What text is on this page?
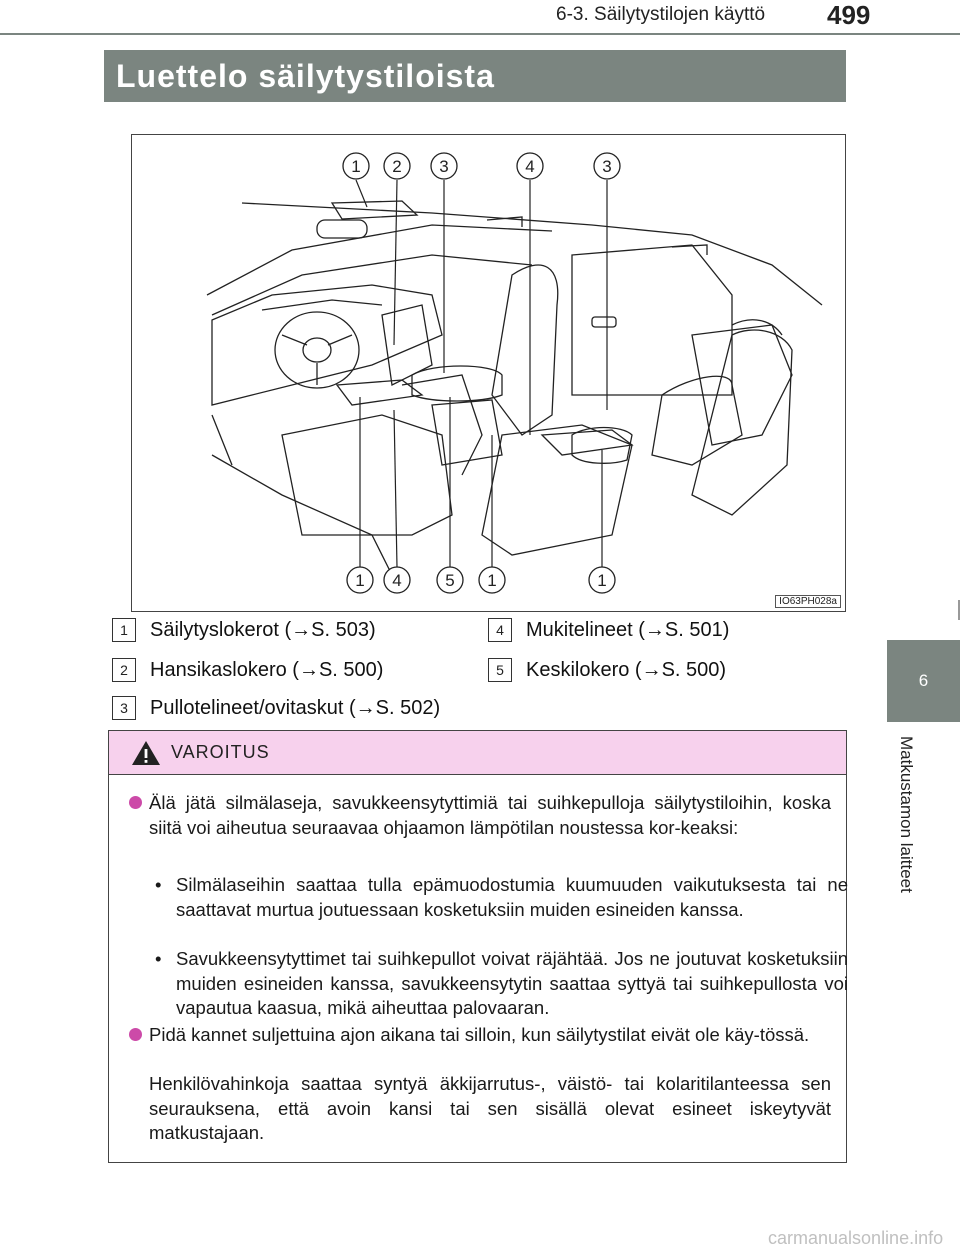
6-3. Säilytystilojen käyttö 499
Luettelo säilytystiloista
1 2 3	4	3
1 4	5 1	1
IO63PH028a
1	Säilytyslokerot (→S. 503)
2	Hansikaslokero (→S. 500)
3	Pullotelineet/ovitaskut (→S. 502)
4	Mukitelineet (→S. 501)
5	Keskilokero (→S. 500)
VAROITUS
Älä jätä silmälaseja, savukkeensytyttimiä tai suihkepulloja säilytystiloihin, koska siitä voi aiheutua seuraavaa ohjaamon lämpötilan noustessa kor-keaksi:
• Silmälaseihin saattaa tulla epämuodostumia kuumuuden vaikutuksesta tai ne saattavat murtua joutuessaan kosketuksiin muiden esineiden kanssa.
• Savukkeensytyttimet tai suihkepullot voivat räjähtää. Jos ne joutuvat kosketuksiin muiden esineiden kanssa, savukkeensytytin saattaa syttyä tai suihkepullosta voi vapautua kaasua, mikä aiheuttaa palovaaran.
Pidä kannet suljettuina ajon aikana tai silloin, kun säilytystilat eivät ole käy-tössä.
Henkilövahinkoja saattaa syntyä äkkijarrutus-, väistö- tai kolaritilanteessa sen seurauksena, että avoin kansi tai sen sisällä olevat esineet iskeytyvät matkustajaan.
6
Matkustamon laitteet
carmanualsonline.info
